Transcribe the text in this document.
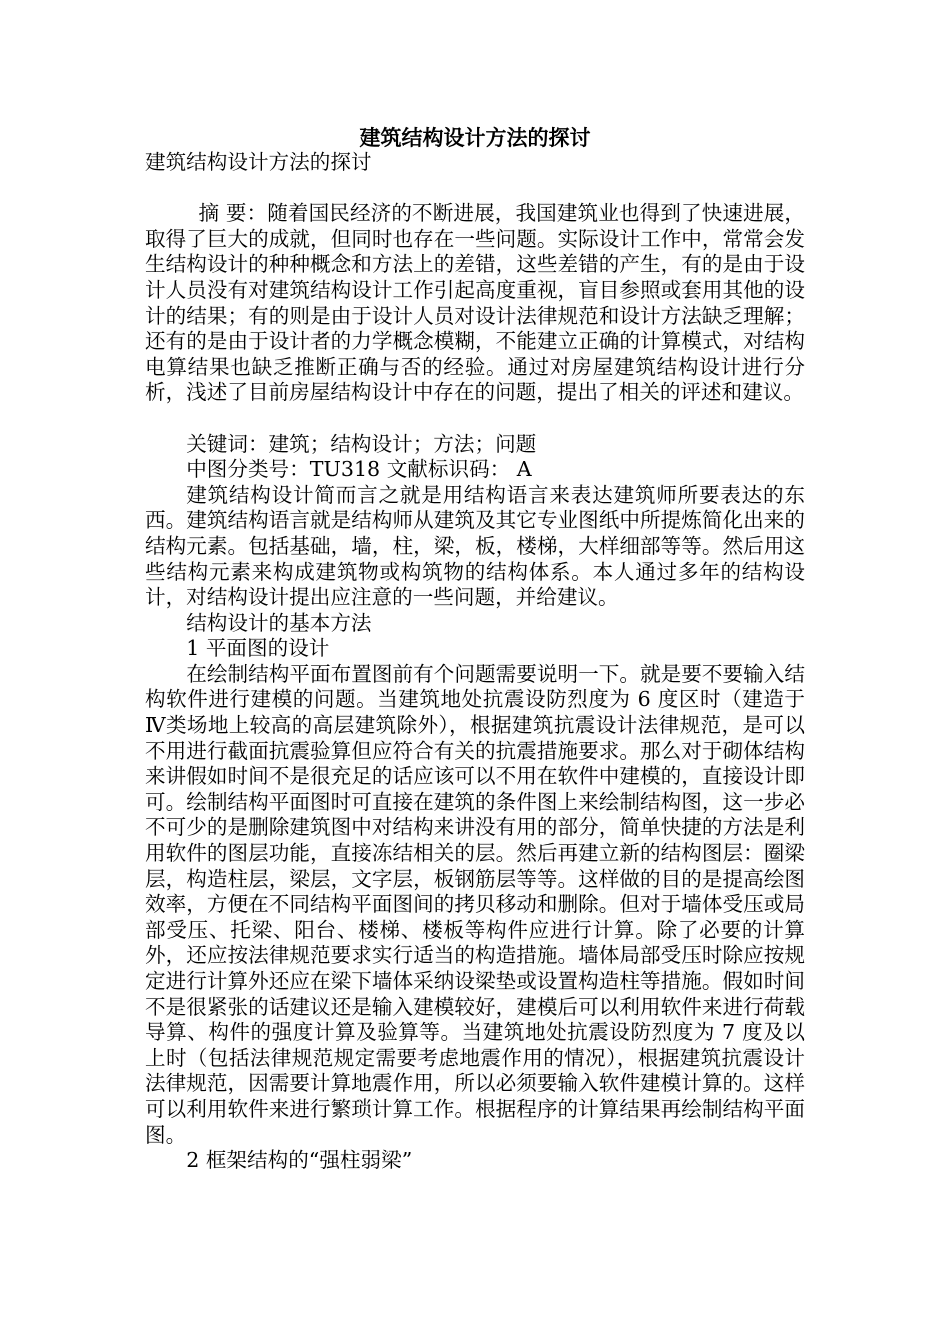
建筑结构设计方法的探讨

建筑结构设计方法的探讨

摘 要：随着国民经济的不断进展，我国建筑业也得到了快速进展，取得了巨大的成就，但同时也存在一些问题。实际设计工作中，常常会发生结构设计的种种概念和方法上的差错，这些差错的产生，有的是由于设计人员没有对建筑结构设计工作引起高度重视，盲目参照或套用其他的设计的结果；有的则是由于设计人员对设计法律规范和设计方法缺乏理解；还有的是由于设计者的力学概念模糊，不能建立正确的计算模式，对结构电算结果也缺乏推断正确与否的经验。通过对房屋建筑结构设计进行分析，浅述了目前房屋结构设计中存在的问题，提出了相关的评述和建议。

关键词：建筑；结构设计；方法；问题

中图分类号：TU318 文献标识码： A

建筑结构设计简而言之就是用结构语言来表达建筑师所要表达的东西。建筑结构语言就是结构师从建筑及其它专业图纸中所提炼简化出来的结构元素。包括基础，墙，柱，梁，板，楼梯，大样细部等等。然后用这些结构元素来构成建筑物或构筑物的结构体系。本人通过多年的结构设计，对结构设计提出应注意的一些问题，并给建议。

结构设计的基本方法

1 平面图的设计

在绘制结构平面布置图前有个问题需要说明一下。就是要不要输入结构软件进行建模的问题。当建筑地处抗震设防烈度为 6 度区时（建造于Ⅳ类场地上较高的高层建筑除外），根据建筑抗震设计法律规范，是可以不用进行截面抗震验算但应符合有关的抗震措施要求。那么对于砌体结构来讲假如时间不是很充足的话应该可以不用在软件中建模的，直接设计即可。绘制结构平面图时可直接在建筑的条件图上来绘制结构图，这一步必不可少的是删除建筑图中对结构来讲没有用的部分，简单快捷的方法是利用软件的图层功能，直接冻结相关的层。然后再建立新的结构图层：圈梁层，构造柱层，梁层，文字层，板钢筋层等等。这样做的目的是提高绘图效率，方便在不同结构平面图间的拷贝移动和删除。但对于墙体受压或局部受压、托梁、阳台、楼梯、楼板等构件应进行计算。除了必要的计算外，还应按法律规范要求实行适当的构造措施。墙体局部受压时除应按规定进行计算外还应在梁下墙体采纳设梁垫或设置构造柱等措施。假如时间不是很紧张的话建议还是输入建模较好，建模后可以利用软件来进行荷载导算、构件的强度计算及验算等。当建筑地处抗震设防烈度为 7 度及以上时（包括法律规范规定需要考虑地震作用的情况），根据建筑抗震设计法律规范，因需要计算地震作用，所以必须要输入软件建模计算的。这样可以利用软件来进行繁琐计算工作。根据程序的计算结果再绘制结构平面图。

2 框架结构的“强柱弱梁”
